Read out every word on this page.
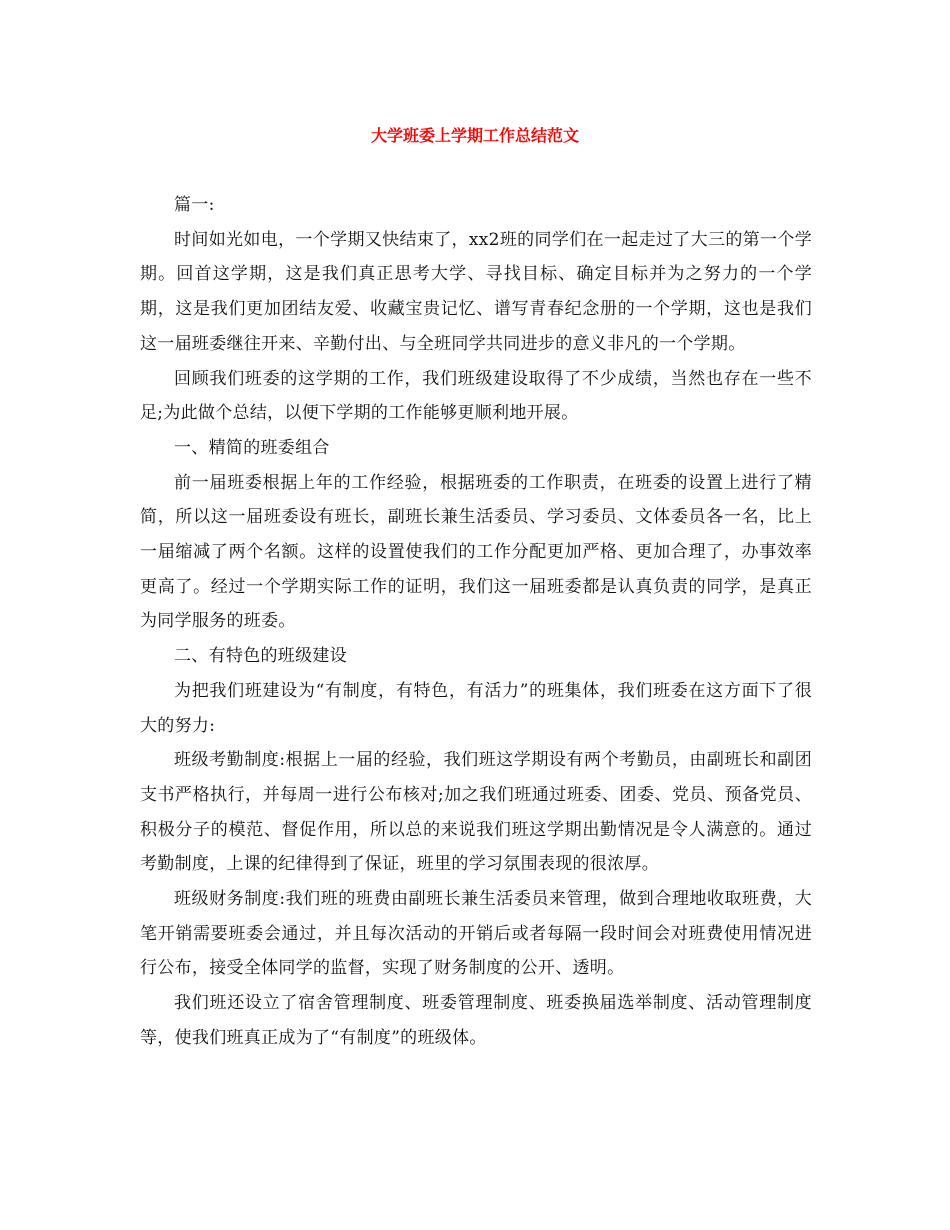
大学班委上学期工作总结范文

篇一:

时间如光如电，一个学期又快结束了，xx2班的同学们在一起走过了大三的第一个学期。回首这学期，这是我们真正思考大学、寻找目标、确定目标并为之努力的一个学期，这是我们更加团结友爱、收藏宝贵记忆、谱写青春纪念册的一个学期，这也是我们这一届班委继往开来、辛勤付出、与全班同学共同进步的意义非凡的一个学期。

回顾我们班委的这学期的工作，我们班级建设取得了不少成绩，当然也存在一些不足;为此做个总结，以便下学期的工作能够更顺利地开展。

一、精简的班委组合

前一届班委根据上年的工作经验，根据班委的工作职责，在班委的设置上进行了精简，所以这一届班委设有班长，副班长兼生活委员、学习委员、文体委员各一名，比上一届缩减了两个名额。这样的设置使我们的工作分配更加严格、更加合理了，办事效率更高了。经过一个学期实际工作的证明，我们这一届班委都是认真负责的同学，是真正为同学服务的班委。

二、有特色的班级建设

为把我们班建设为“有制度，有特色，有活力”的班集体，我们班委在这方面下了很大的努力:

班级考勤制度:根据上一届的经验，我们班这学期设有两个考勤员，由副班长和副团支书严格执行，并每周一进行公布核对;加之我们班通过班委、团委、党员、预备党员、积极分子的模范、督促作用，所以总的来说我们班这学期出勤情况是令人满意的。通过考勤制度，上课的纪律得到了保证，班里的学习氛围表现的很浓厚。

班级财务制度:我们班的班费由副班长兼生活委员来管理，做到合理地收取班费，大笔开销需要班委会通过，并且每次活动的开销后或者每隔一段时间会对班费使用情况进行公布，接受全体同学的监督，实现了财务制度的公开、透明。

我们班还设立了宿舍管理制度、班委管理制度、班委换届选举制度、活动管理制度等，使我们班真正成为了“有制度”的班级体。
